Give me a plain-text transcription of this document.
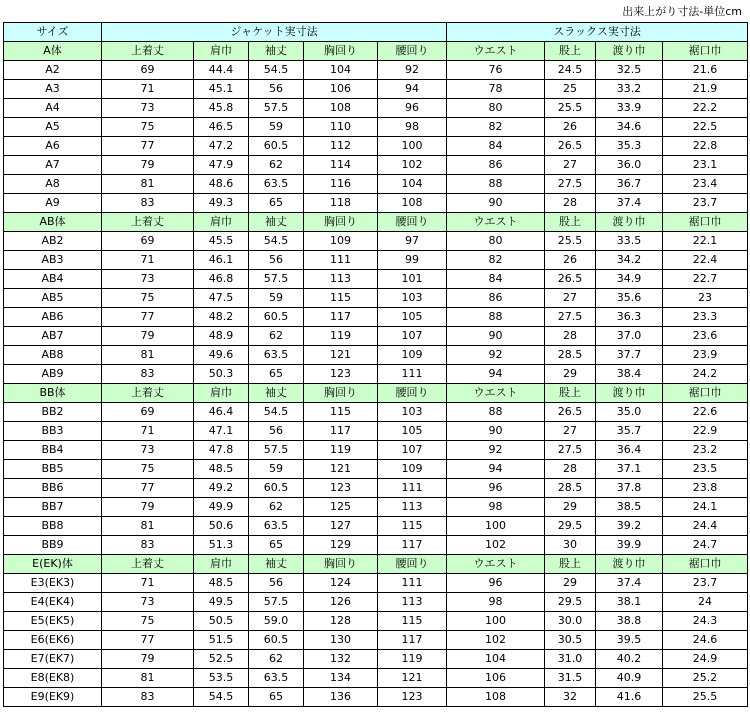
出来上がり寸法-単位cm
サイズ	ジャケット実寸法					スラックス実寸法			
A体	上着丈	肩巾	袖丈	胸回り	腰回り	ウエスト	股上	渡り巾	裾口巾
A2	69	44.4	54.5	104	92	76	24.5	32.5	21.6
A3	71	45.1	56	106	94	78	25	33.2	21.9
A4	73	45.8	57.5	108	96	80	25.5	33.9	22.2
A5	75	46.5	59	110	98	82	26	34.6	22.5
A6	77	47.2	60.5	112	100	84	26.5	35.3	22.8
A7	79	47.9	62	114	102	86	27	36.0	23.1
A8	81	48.6	63.5	116	104	88	27.5	36.7	23.4
A9	83	49.3	65	118	108	90	28	37.4	23.7
AB体	上着丈	肩巾	袖丈	胸回り	腰回り	ウエスト	股上	渡り巾	裾口巾
AB2	69	45.5	54.5	109	97	80	25.5	33.5	22.1
AB3	71	46.1	56	111	99	82	26	34.2	22.4
AB4	73	46.8	57.5	113	101	84	26.5	34.9	22.7
AB5	75	47.5	59	115	103	86	27	35.6	23
AB6	77	48.2	60.5	117	105	88	27.5	36.3	23.3
AB7	79	48.9	62	119	107	90	28	37.0	23.6
AB8	81	49.6	63.5	121	109	92	28.5	37.7	23.9
AB9	83	50.3	65	123	111	94	29	38.4	24.2
BB体	上着丈	肩巾	袖丈	胸回り	腰回り	ウエスト	股上	渡り巾	裾口巾
BB2	69	46.4	54.5	115	103	88	26.5	35.0	22.6
BB3	71	47.1	56	117	105	90	27	35.7	22.9
BB4	73	47.8	57.5	119	107	92	27.5	36.4	23.2
BB5	75	48.5	59	121	109	94	28	37.1	23.5
BB6	77	49.2	60.5	123	111	96	28.5	37.8	23.8
BB7	79	49.9	62	125	113	98	29	38.5	24.1
BB8	81	50.6	63.5	127	115	100	29.5	39.2	24.4
BB9	83	51.3	65	129	117	102	30	39.9	24.7
E(EK)体	上着丈	肩巾	袖丈	胸回り	腰回り	ウエスト	股上	渡り巾	裾口巾
E3(EK3)	71	48.5	56	124	111	96	29	37.4	23.7
E4(EK4)	73	49.5	57.5	126	113	98	29.5	38.1	24
E5(EK5)	75	50.5	59.0	128	115	100	30.0	38.8	24.3
E6(EK6)	77	51.5	60.5	130	117	102	30.5	39.5	24.6
E7(EK7)	79	52.5	62	132	119	104	31.0	40.2	24.9
E8(EK8)	81	53.5	63.5	134	121	106	31.5	40.9	25.2
E9(EK9)	83	54.5	65	136	123	108	32	41.6	25.5
